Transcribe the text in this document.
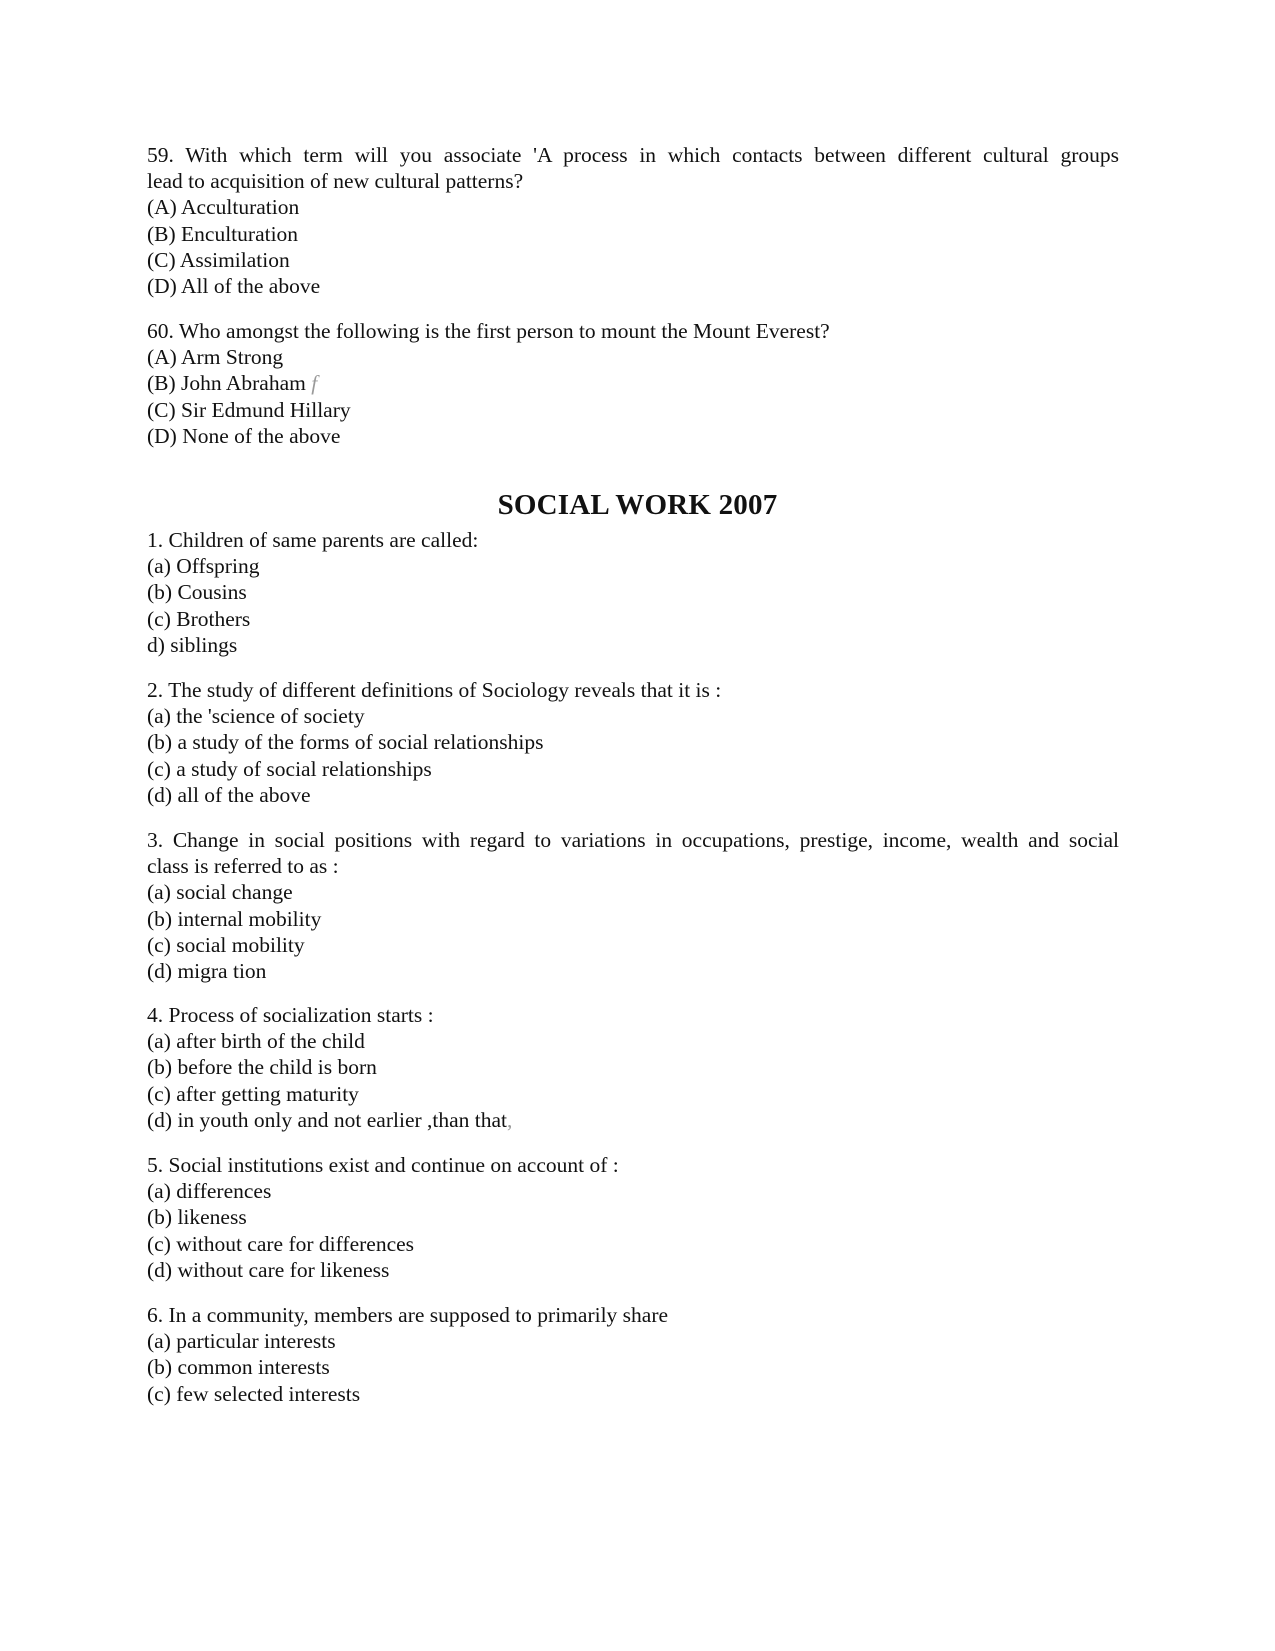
59. With which term will you associate 'A process in which contacts between different cultural groups
lead to acquisition of new cultural patterns?
(A) Acculturation
(B) Enculturation
(C) Assimilation
(D) All of the above
60. Who amongst the following is the first person to mount the Mount Everest?
(A) Arm Strong
(B) John Abraham f
(C) Sir Edmund Hillary
(D) None of the above
SOCIAL WORK 2007
1. Children of same parents are called:
(a) Offspring
(b) Cousins
(c) Brothers
d) siblings
2. The study of different definitions of Sociology reveals that it is :
(a) the 'science of society
(b) a study of the forms of social relationships
(c) a study of social relationships
(d) all of the above
3. Change in social positions with regard to variations in occupations, prestige, income, wealth and social
class is referred to as :
(a) social change
(b) internal mobility
(c) social mobility
(d) migra tion
4. Process of socialization starts :
(a) after birth of the child
(b) before the child is born
(c) after getting maturity
(d) in youth only and not earlier ,than that,
5. Social institutions exist and continue on account of :
(a) differences
(b) likeness
(c) without care for differences
(d) without care for likeness
6. In a community, members are supposed to primarily share
(a) particular interests
(b) common interests
(c) few selected interests
